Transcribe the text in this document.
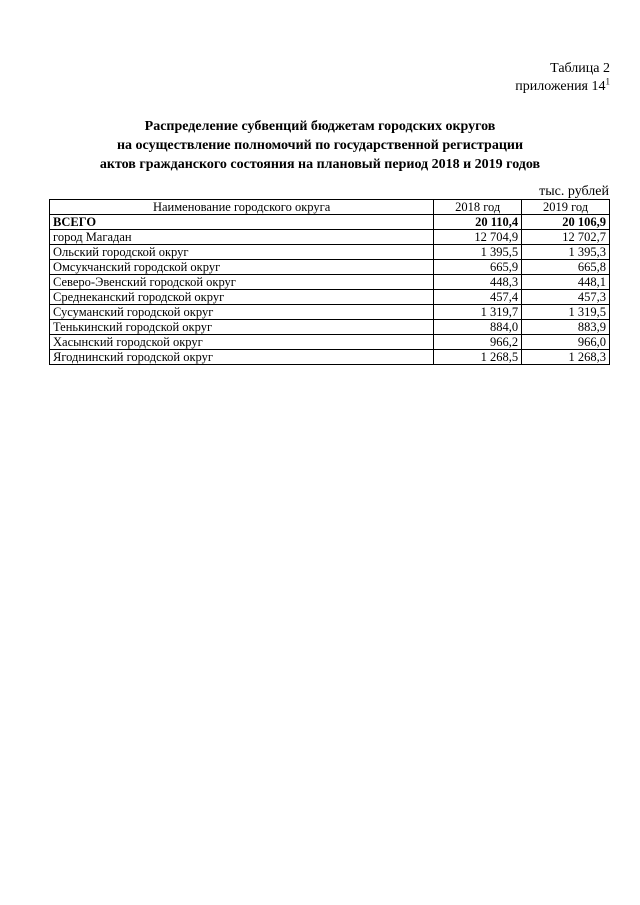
Таблица 2
приложения $14^1$
Распределение субвенций бюджетам городских округов
на осуществление полномочий по государственной регистрации
актов гражданского состояния на плановый период 2018 и 2019 годов
тыс. рублей
Наименование городского округа	2018 год	2019 год
ВСЕГО	20 110,4	20 106,9
город Магадан	12 704,9	12 702,7
Ольский городской округ	1 395,5	1 395,3
Омсукчанский городской округ	665,9	665,8
Северо-Эвенский городской округ	448,3	448,1
Среднеканский городской округ	457,4	457,3
Сусуманский городской округ	1 319,7	1 319,5
Тенькинский городской округ	884,0	883,9
Хасынский городской округ	966,2	966,0
Ягоднинский городской округ	1 268,5	1 268,3
